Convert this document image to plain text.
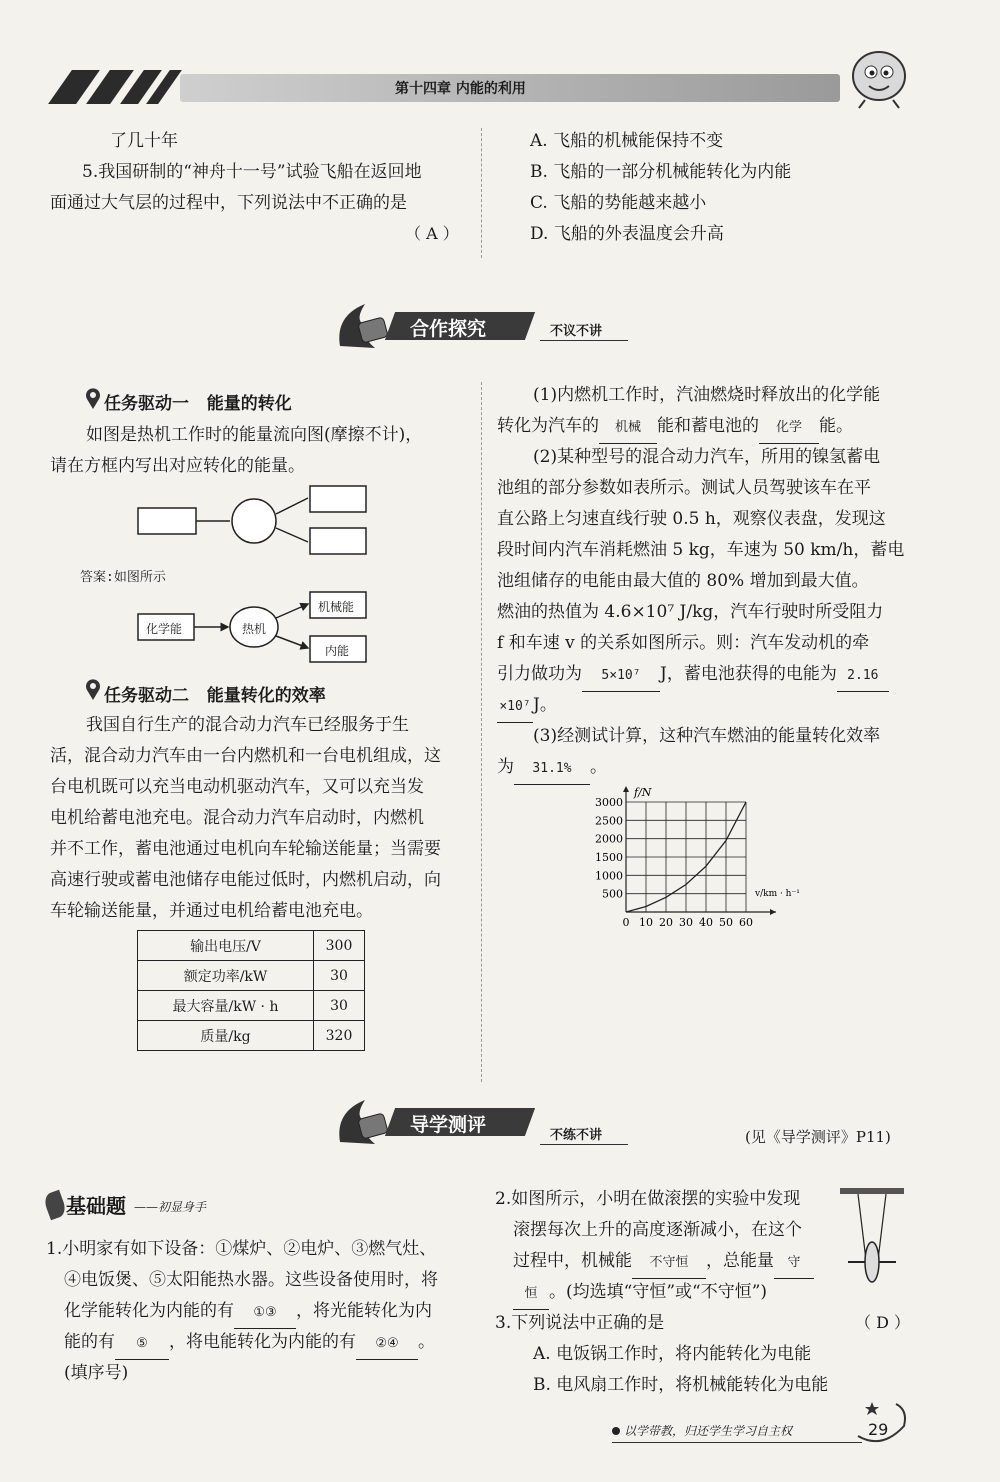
第十四章 内能的利用
了几十年
5.我国研制的“神舟十一号”试验飞船在返回地
面通过大气层的过程中，下列说法中不正确的是
（ A ）
A. 飞船的机械能保持不变
B. 飞船的一部分机械能转化为内能
C. 飞船的势能越来越小
D. 飞船的外表温度会升高
合作探究	不议不讲
任务驱动一   能量的转化
如图是热机工作时的能量流向图(摩擦不计)，
请在方框内写出对应转化的能量。
答案:如图所示
化学能	热机
机械能
内能
任务驱动二   能量转化的效率
我国自行生产的混合动力汽车已经服务于生
活，混合动力汽车由一台内燃机和一台电机组成，这
台电机既可以充当电动机驱动汽车，又可以充当发
电机给蓄电池充电。混合动力汽车启动时，内燃机
并不工作，蓄电池通过电机向车轮输送能量；当需要
高速行驶或蓄电池储存电能过低时，内燃机启动，向
车轮输送能量，并通过电机给蓄电池充电。
输出电压/V	300
额定功率/kW	30
最大容量/kW · h	30
质量/kg	320
(1)内燃机工作时，汽油燃烧时释放出的化学能
转化为汽车的 机械 能和蓄电池的 化学 能。
(2)某种型号的混合动力汽车，所用的镍氢蓄电
池组的部分参数如表所示。测试人员驾驶该车在平
直公路上匀速直线行驶 0.5 h，观察仪表盘，发现这
段时间内汽车消耗燃油 5 kg，车速为 50 km/h，蓄电
池组储存的电能由最大值的 80% 增加到最大值。
燃油的热值为 4.6×10⁷ J/kg，汽车行驶时所受阻力
f 和车速 v 的关系如图所示。则：汽车发动机的牵
引力做功为 5×10⁷ J，蓄电池获得的电能为 2.16
×10⁷ J。
(3)经测试计算，这种汽车燃油的能量转化效率
为 31.1% 。
0 10 20 30 40 50 60
500
1000
1500
2000
2500
3000
f/N
v/km · h⁻¹
导学测评	不练不讲	(见《导学测评》P11)
基础题 ——初显身手
1.小明家有如下设备：①煤炉、②电炉、③燃气灶、
④电饭煲、⑤太阳能热水器。这些设备使用时，将
化学能转化为内能的有 ①③ ，将光能转化为内
能的有 ⑤ ，将电能转化为内能的有 ②④ 。
(填序号)
2.如图所示，小明在做滚摆的实验中发现
滚摆每次上升的高度逐渐减小，在这个
过程中，机械能 不守恒 ，总能量 守
恒 。(均选填“守恒”或“不守恒”)
3.下列说法中正确的是	（ D ）
A. 电饭锅工作时，将内能转化为电能
B. 电风扇工作时，将机械能转化为电能
以学带教，归还学生学习自主权	29
